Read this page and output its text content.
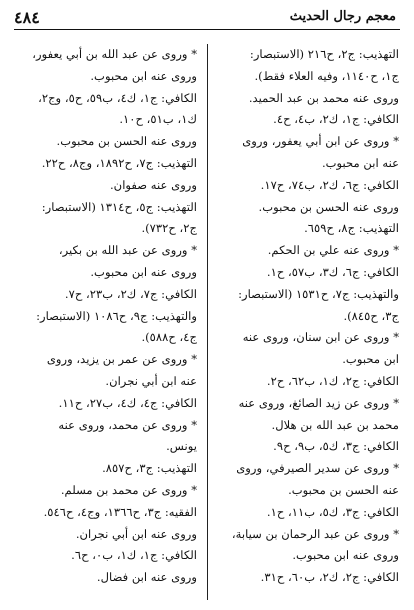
٤٨٤	معجم رجال الحديث
التهذيب: ج٢، ح٢١٦ (الاستبصار:
ج١، ح١١٤٠، وفيه العلاء فقط).
وروى عنه محمد بن عبد الحميد.
الكافي: ج١، ك٢، ب٤، ح٤.
* وروى عن ابن أبي يعفور، وروى
عنه ابن محبوب.
الكافي: ج٦، ك٢، ب٧٤، ح١٧.
وروى عنه الحسن بن محبوب.
التهذيب: ج٨، ح٦٥٩.
* وروى عنه علي بن الحكم.
الكافي: ج٦، ك٣، ب٥٧، ح١.
والتهذيب: ج٧، ح١٥٣١ (الاستبصار:
ج٣، ح٨٤٥).
* وروى عن ابن سنان، وروى عنه
ابن محبوب.
الكافي: ج٢، ك١، ب٦٢، ح٢.
* وروى عن زيد الصائغ، وروى عنه
محمد بن عبد الله بن هلال.
الكافي: ج٣، ك٥، ب٩، ح٩.
* وروى عن سدير الصيرفي، وروى
عنه الحسن بن محبوب.
الكافي: ج٣، ك٥، ب١١، ح١.
* وروى عن عبد الرحمان بن سيابة،
وروى عنه ابن محبوب.
الكافي: ج٢، ك٢، ب٦٠، ح٣١.
* وروى عن عبد الله بن أبي يعفور،
وروى عنه ابن محبوب.
الكافي: ج١، ك٤، ب٥٩، ح٥، وج٢،
ك١، ب٥١، ح١٠.
وروى عنه الحسن بن محبوب.
التهذيب: ج٧، ح١٨٩٢، وج٨، ح٢٢.
وروى عنه صفوان.
التهذيب: ج٥، ح١٣١٤ (الاستبصار:
ج٢، ح٧٣٢).
* وروى عن عبد الله بن بكير،
وروى عنه ابن محبوب.
الكافي: ج٧، ك٢، ب٢٣، ح٧.
والتهذيب: ج٩، ح١٠٨٦ (الاستبصار:
ج٤، ح٥٨٨).
* وروى عن عمر بن يزيد، وروى
عنه ابن أبي نجران.
الكافي: ج٤، ك٤، ب٢٧، ح١١.
* وروى عن محمد، وروى عنه
يونس.
التهذيب: ج٣، ح٨٥٧.
* وروى عن محمد بن مسلم.
الفقيه: ج٣، ح١٣٦٦، وج٤، ح٥٤٦.
وروى عنه ابن أبي نجران.
الكافي: ج١، ك١، ب٠، ح٦.
وروى عنه ابن فضال.
